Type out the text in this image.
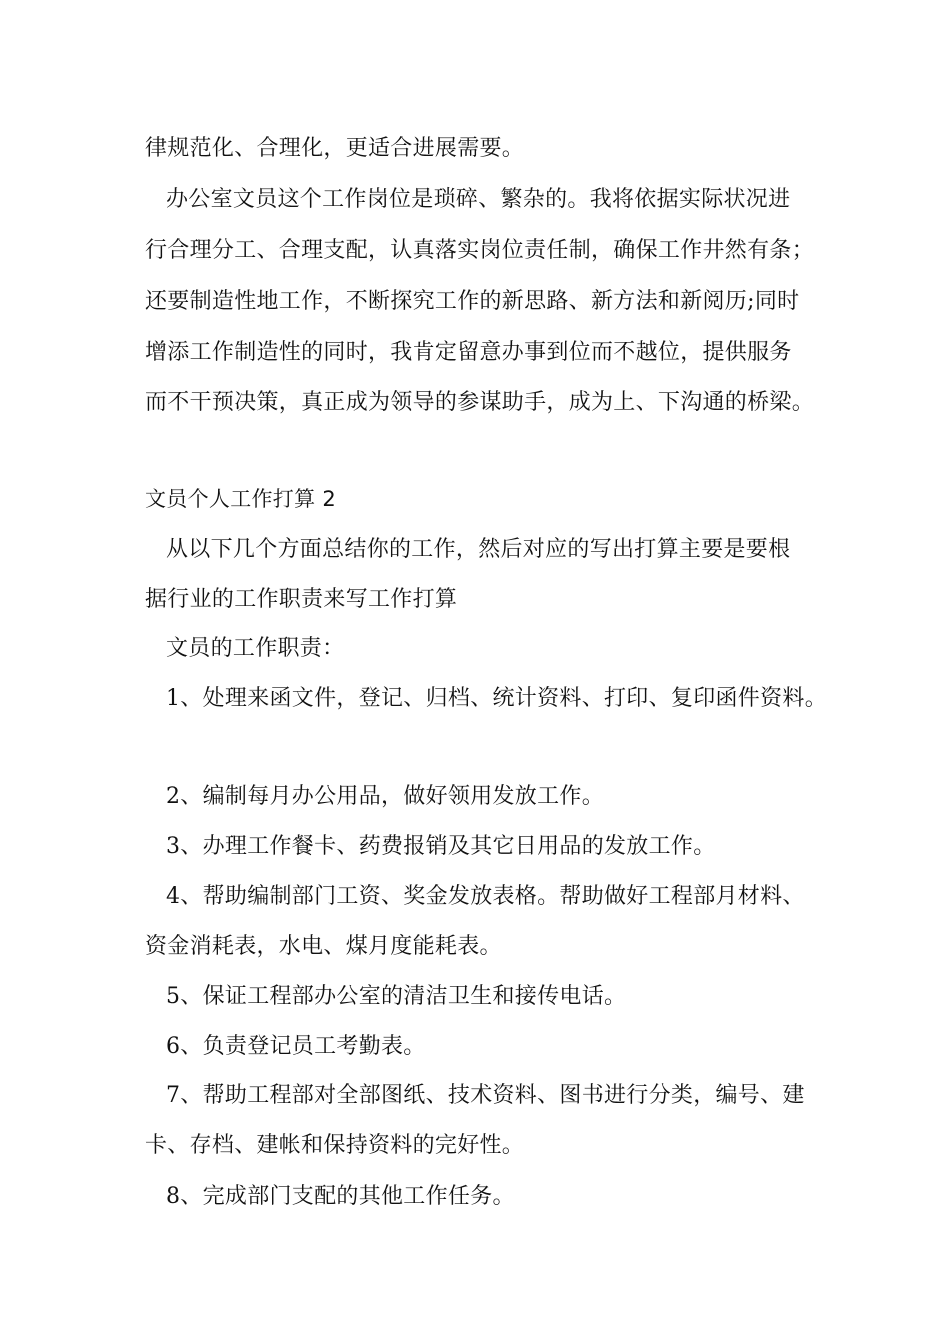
律规范化、合理化，更适合进展需要。
办公室文员这个工作岗位是琐碎、繁杂的。我将依据实际状况进
行合理分工、合理支配，认真落实岗位责任制，确保工作井然有条；
还要制造性地工作，不断探究工作的新思路、新方法和新阅历;同时
增添工作制造性的同时，我肯定留意办事到位而不越位，提供服务
而不干预决策，真正成为领导的参谋助手，成为上、下沟通的桥梁。
文员个人工作打算 2
从以下几个方面总结你的工作，然后对应的写出打算主要是要根
据行业的工作职责来写工作打算
文员的工作职责：
1、处理来函文件，登记、归档、统计资料、打印、复印函件资料。
2、编制每月办公用品，做好领用发放工作。
3、办理工作餐卡、药费报销及其它日用品的发放工作。
4、帮助编制部门工资、奖金发放表格。帮助做好工程部月材料、
资金消耗表，水电、煤月度能耗表。
5、保证工程部办公室的清洁卫生和接传电话。
6、负责登记员工考勤表。
7、帮助工程部对全部图纸、技术资料、图书进行分类，编号、建
卡、存档、建帐和保持资料的完好性。
8、完成部门支配的其他工作任务。
